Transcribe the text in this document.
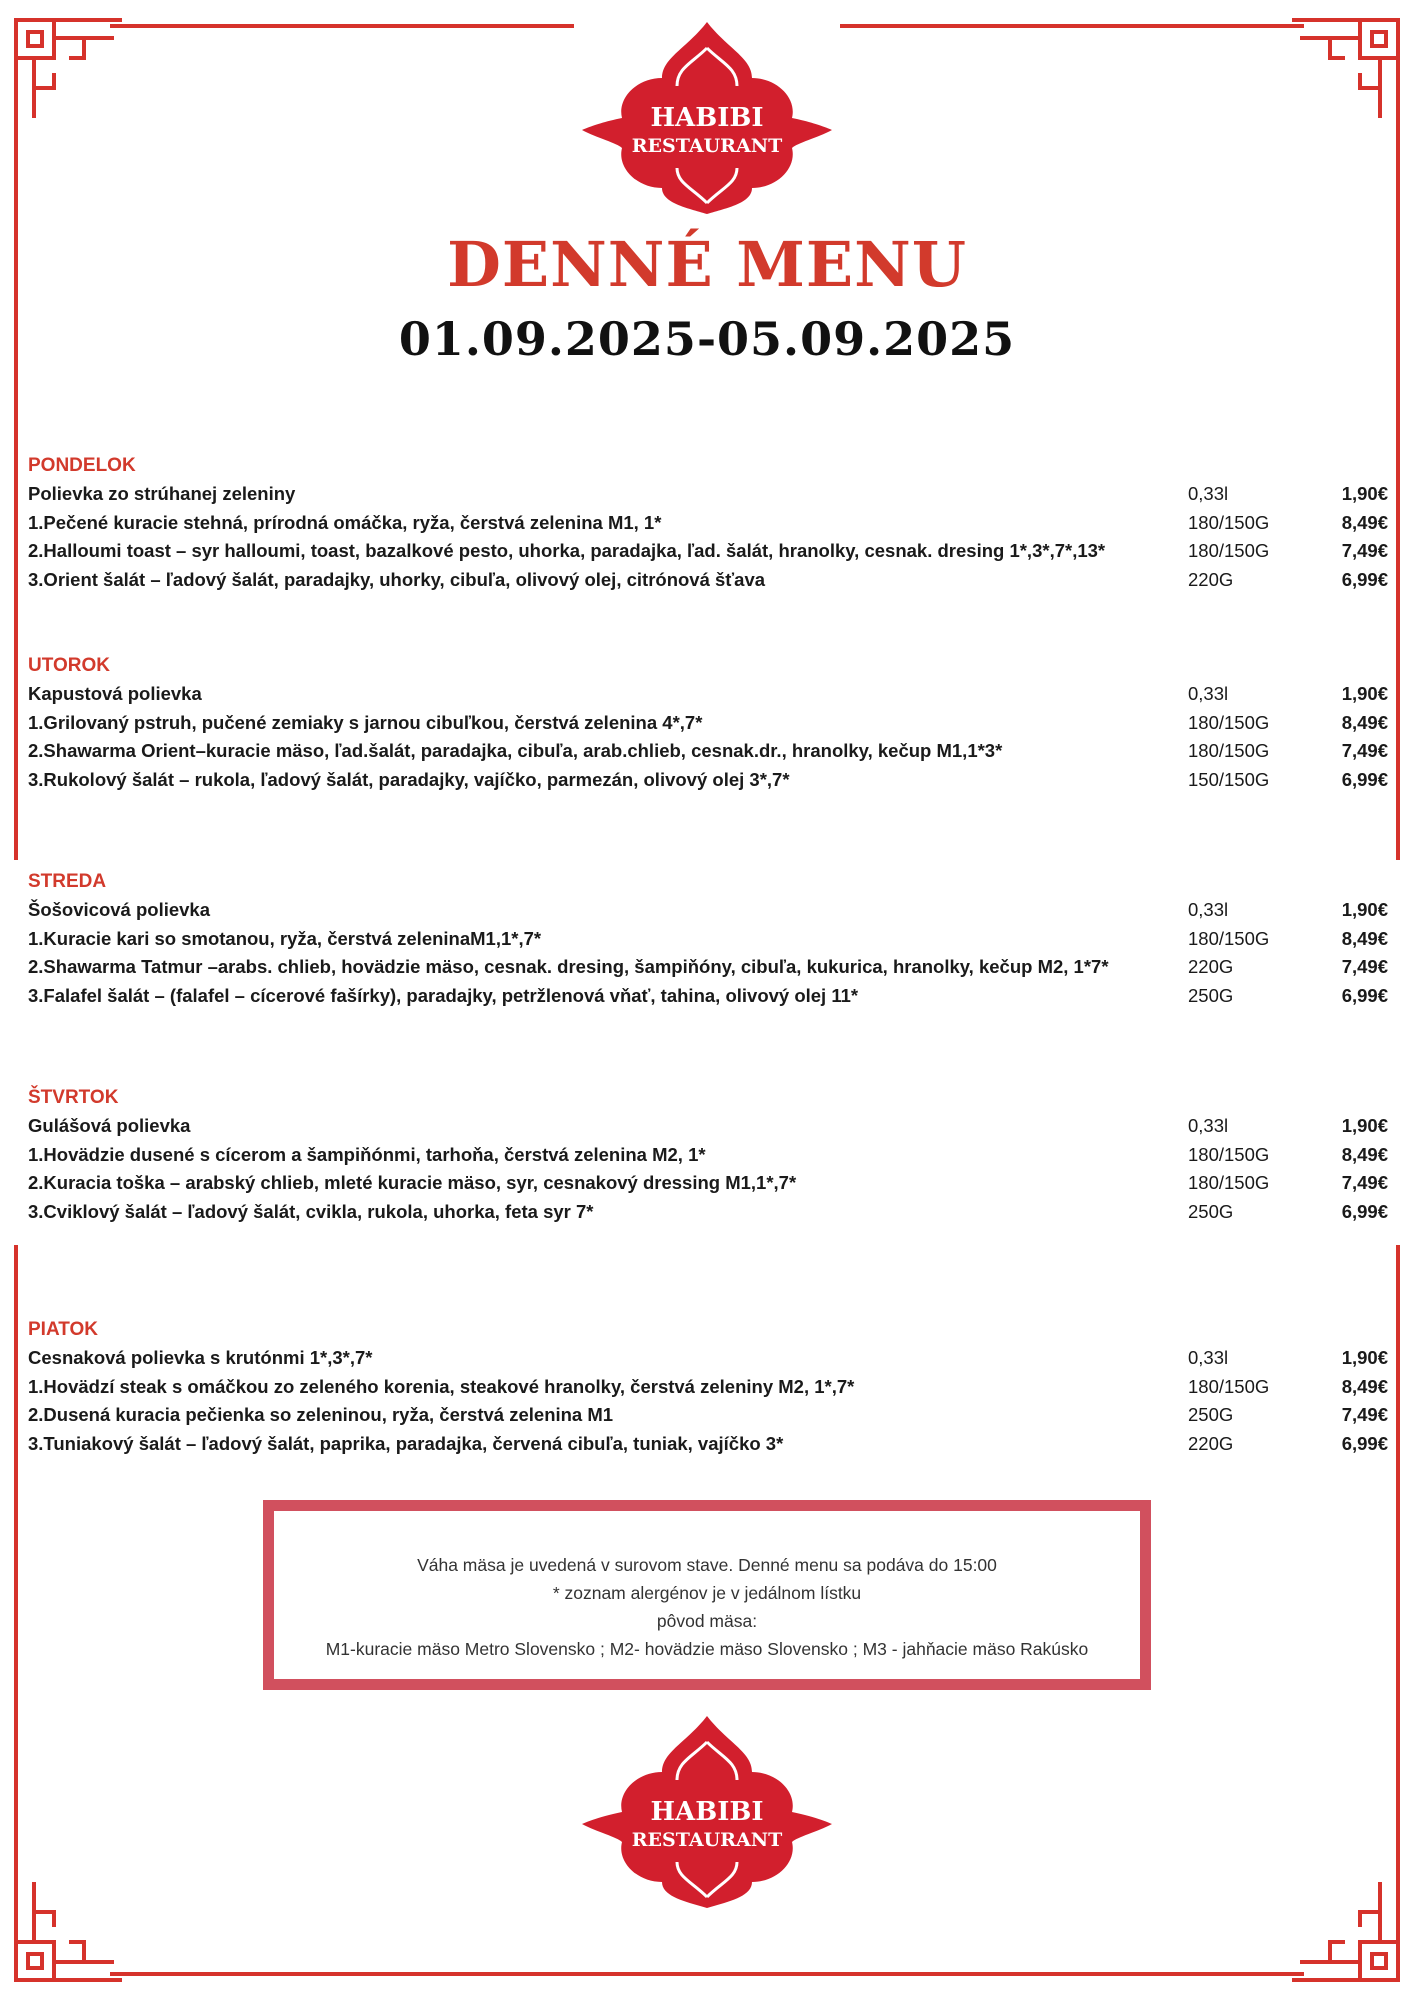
HABIBI
RESTAURANT
DENNÉ MENU
01.09.2025-05.09.2025
PONDELOK
Polievka zo strúhanej zeleniny	0,33l	1,90€
1.Pečené kuracie stehná, prírodná omáčka, ryža, čerstvá zelenina M1, 1*	180/150G	8,49€
2.Halloumi toast – syr halloumi, toast, bazalkové pesto, uhorka, paradajka, ľad. šalát, hranolky, cesnak. dresing 1*,3*,7*,13*	180/150G	7,49€
3.Orient šalát – ľadový šalát, paradajky, uhorky, cibuľa, olivový olej, citrónová šťava	220G	6,99€
UTOROK
Kapustová polievka	0,33l	1,90€
1.Grilovaný pstruh, pučené zemiaky s jarnou cibuľkou, čerstvá zelenina 4*,7*	180/150G	8,49€
2.Shawarma Orient–kuracie mäso, ľad.šalát, paradajka, cibuľa, arab.chlieb, cesnak.dr., hranolky, kečup M1,1*3*	180/150G	7,49€
3.Rukolový šalát – rukola, ľadový šalát, paradajky, vajíčko, parmezán, olivový olej 3*,7*	150/150G	6,99€
STREDA
Šošovicová polievka	0,33l	1,90€
1.Kuracie kari so smotanou, ryža, čerstvá zeleninaM1,1*,7*	180/150G	8,49€
2.Shawarma Tatmur –arabs. chlieb, hovädzie mäso, cesnak. dresing, šampiňóny, cibuľa, kukurica, hranolky, kečup M2, 1*7*	220G	7,49€
3.Falafel šalát – (falafel – cícerové fašírky), paradajky, petržlenová vňať, tahina, olivový olej 11*	250G	6,99€
ŠTVRTOK
Gulášová polievka	0,33l	1,90€
1.Hovädzie dusené s cícerom a šampiňónmi, tarhoňa, čerstvá zelenina M2, 1*	180/150G	8,49€
2.Kuracia toška – arabský chlieb, mleté kuracie mäso, syr, cesnakový dressing M1,1*,7*	180/150G	7,49€
3.Cviklový šalát – ľadový šalát, cvikla, rukola, uhorka, feta syr 7*	250G	6,99€
PIATOK
Cesnaková polievka s krutónmi 1*,3*,7*	0,33l	1,90€
1.Hovädzí steak s omáčkou zo zeleného korenia, steakové hranolky, čerstvá zeleniny M2, 1*,7*	180/150G	8,49€
2.Dusená kuracia pečienka so zeleninou, ryža, čerstvá zelenina M1	250G	7,49€
3.Tuniakový šalát – ľadový šalát, paprika, paradajka, červená cibuľa, tuniak, vajíčko 3*	220G	6,99€
Váha mäsa je uvedená v surovom stave. Denné menu sa podáva do 15:00
* zoznam alergénov je v jedálnom lístku
pôvod mäsa:
M1-kuracie mäso Metro Slovensko ; M2- hovädzie mäso Slovensko ; M3 - jahňacie mäso Rakúsko
HABIBI
RESTAURANT
